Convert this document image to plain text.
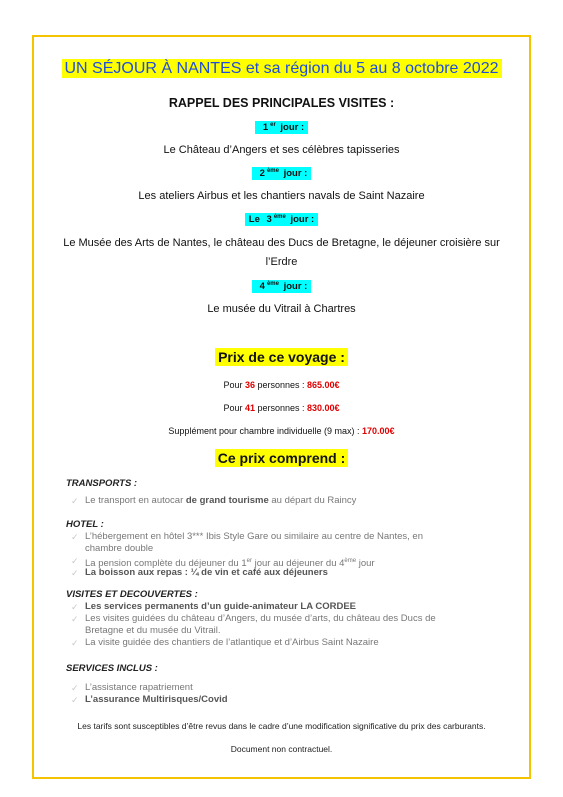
UN SÉJOUR À NANTES et sa région du 5 au 8 octobre 2022
RAPPEL DES PRINCIPALES VISITES :
1 $^{er}$ jour :
Le Château d’Angers et ses célèbres tapisseries
2 $^{ème}$ jour :
Les ateliers Airbus et les chantiers navals de Saint Nazaire
Le 3 $^{ème}$ jour :
Le Musée des Arts de Nantes, le château des Ducs de Bretagne, le déjeuner croisière sur
l’Erdre
4 $^{ème}$ jour :
Le musée du Vitrail à Chartres
Prix de ce voyage :
Pour 36 personnes : 865.00€
Pour 41 personnes : 830.00€
Supplément pour chambre individuelle (9 max) : 170.00€
Ce prix comprend :
TRANSPORTS :
✓ Le transport en autocar de grand tourisme au départ du Raincy
HOTEL :
✓ L’hébergement en hôtel 3*** Ibis Style Gare ou similaire au centre de Nantes, en
chambre double
✓ La pension complète du déjeuner du 1er jour au déjeuner du 4ème jour
✓ La boisson aux repas : ¼ de vin et café aux déjeuners
VISITES ET DECOUVERTES :
✓ Les services permanents d’un guide-animateur LA CORDEE
✓ Les visites guidées du château d’Angers, du musée d’arts, du château des Ducs de
Bretagne et du musée du Vitrail.
✓ La visite guidée des chantiers de l’atlantique et d’Airbus Saint Nazaire
SERVICES INCLUS :
✓ L’assistance rapatriement
✓ L’assurance Multirisques/Covid
Les tarifs sont susceptibles d’être revus dans le cadre d’une modification significative du prix des carburants.
Document non contractuel.
